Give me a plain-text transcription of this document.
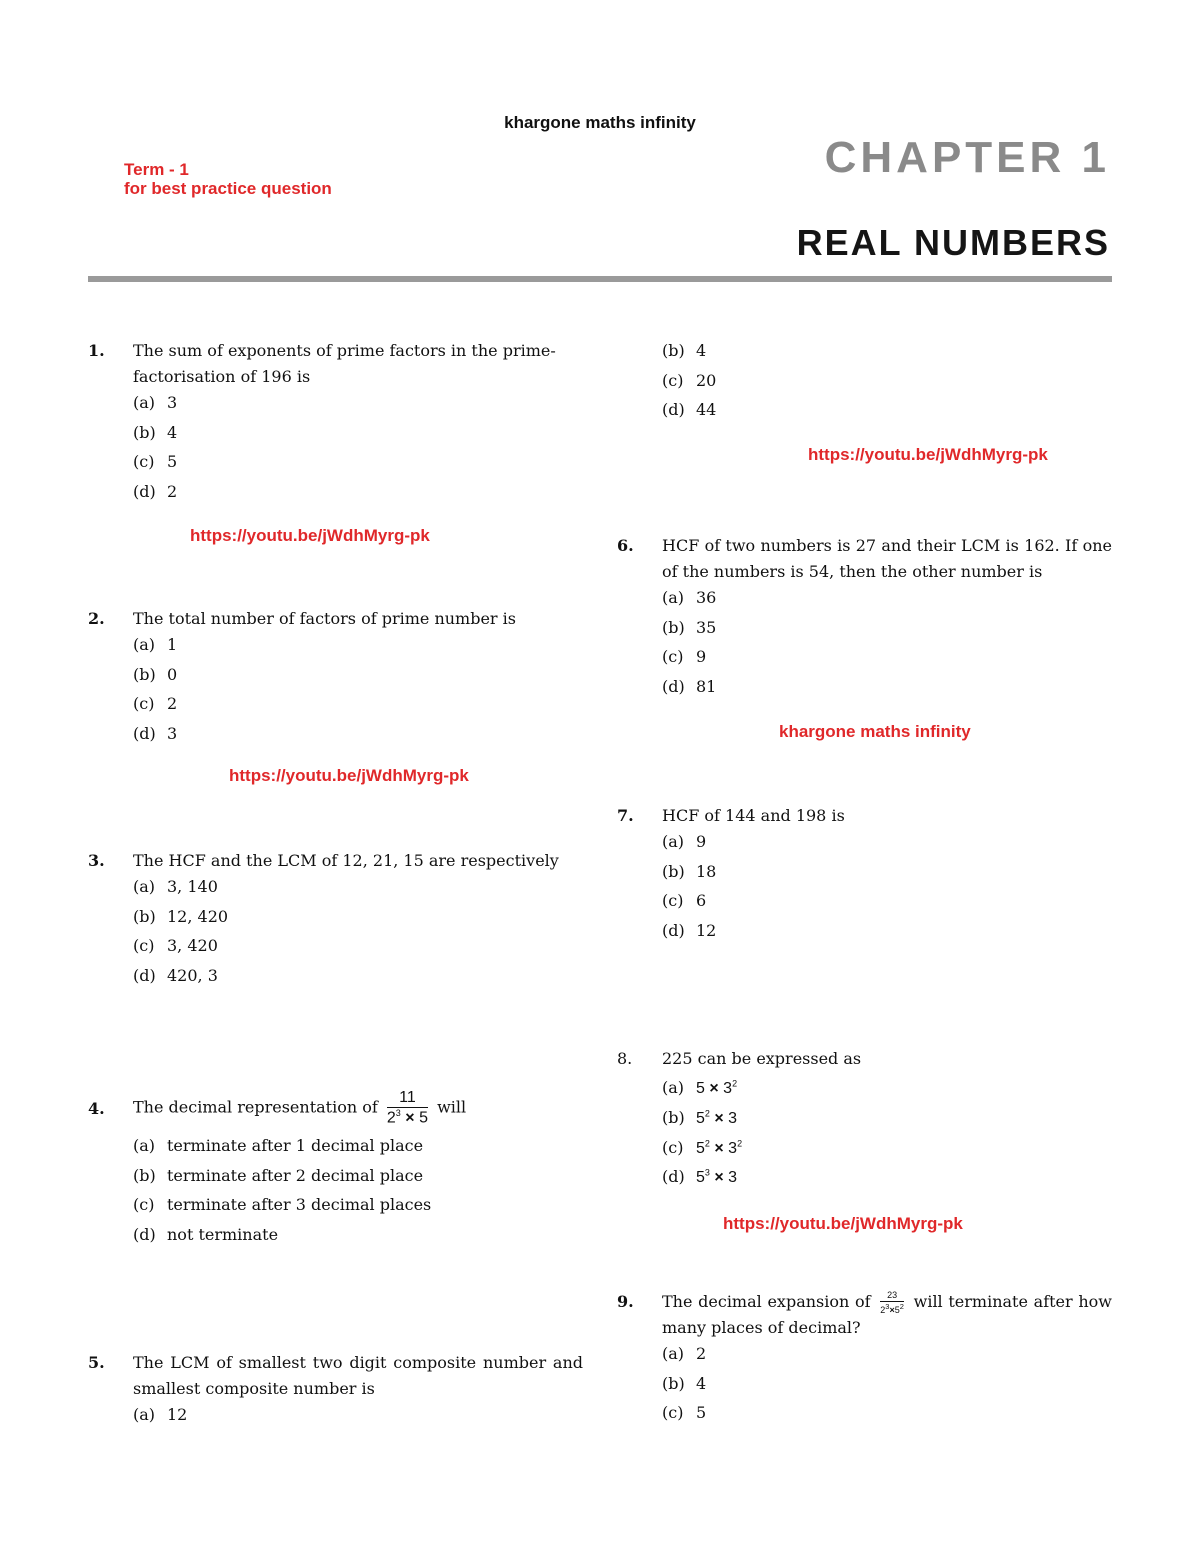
khargone maths infinity
Term - 1
for best practice question
CHAPTER 1
REAL NUMBERS
1. The sum of exponents of prime factors in the prime-factorisation of 196 is
(a) 3
(b) 4
(c) 5
(d) 2
https://youtu.be/jWdhMyrg-pk
2. The total number of factors of prime number is
(a) 1
(b) 0
(c) 2
(d) 3
https://youtu.be/jWdhMyrg-pk
3. The HCF and the LCM of 12, 21, 15 are respectively
(a) 3, 140
(b) 12, 420
(c) 3, 420
(d) 420, 3
4. The decimal representation of $\frac{11}{2^3 \times 5}$ will
(a) terminate after 1 decimal place
(b) terminate after 2 decimal place
(c) terminate after 3 decimal places
(d) not terminate
5. The LCM of smallest two digit composite number and smallest composite number is
(a) 12
(b) 4
(c) 20
(d) 44
https://youtu.be/jWdhMyrg-pk
6. HCF of two numbers is 27 and their LCM is 162. If one of the numbers is 54, then the other number is
(a) 36
(b) 35
(c) 9
(d) 81
khargone maths infinity
7. HCF of 144 and 198 is
(a) 9
(b) 18
(c) 6
(d) 12
8. 225 can be expressed as
(a) $5 \times 3^2$
(b) $5^2 \times 3$
(c) $5^2 \times 3^2$
(d) $5^3 \times 3$
https://youtu.be/jWdhMyrg-pk
9. The decimal expansion of $\frac{23}{2^3\times 5^2}$ will terminate after how many places of decimal?
(a) 2
(b) 4
(c) 5
